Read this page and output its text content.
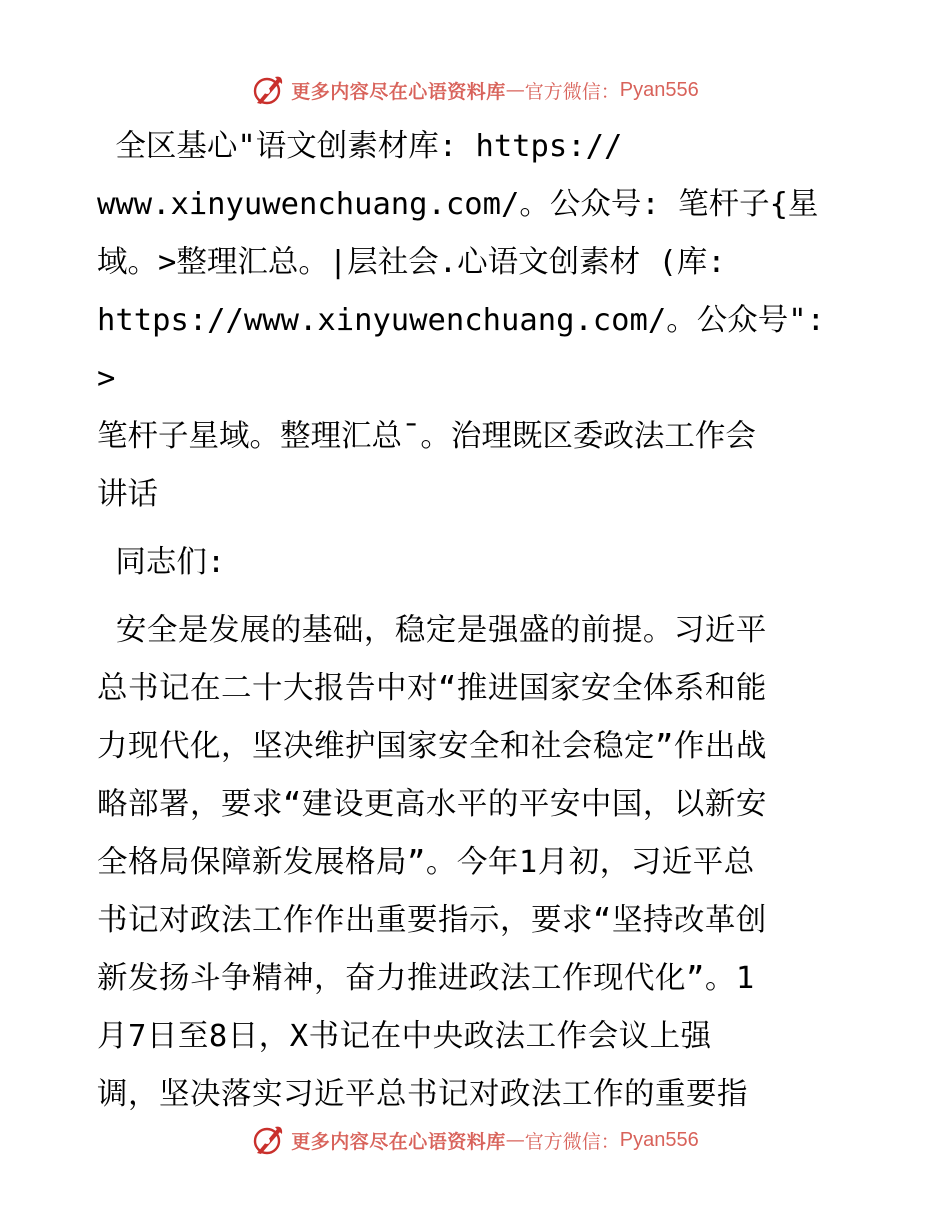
更多内容尽在心语资料库 — 官方微信： Pyan556

全区基心"语文创素材库: https://

www.xinyuwenchuang.com/。公众号: 笔杆子{星

域。>整理汇总。|层社会.心语文创素材 (库:

https://www.xinyuwenchuang.com/。公众号": >

笔杆子星域。整理汇总¯。治理既区委政法工作会

讲话

同志们:

安全是发展的基础，稳定是强盛的前提。习近平

总书记在二十大报告中对“推进国家安全体系和能

力现代化，坚决维护国家安全和社会稳定”作出战

略部署，要求“建设更高水平的平安中国，以新安

全格局保障新发展格局”。今年1月初，习近平总

书记对政法工作作出重要指示，要求“坚持改革创

新发扬斗争精神，奋力推进政法工作现代化”。1

月7日至8日，X书记在中央政法工作会议上强

调，坚决落实习近平总书记对政法工作的重要指

更多内容尽在心语资料库 — 官方微信： Pyan556
